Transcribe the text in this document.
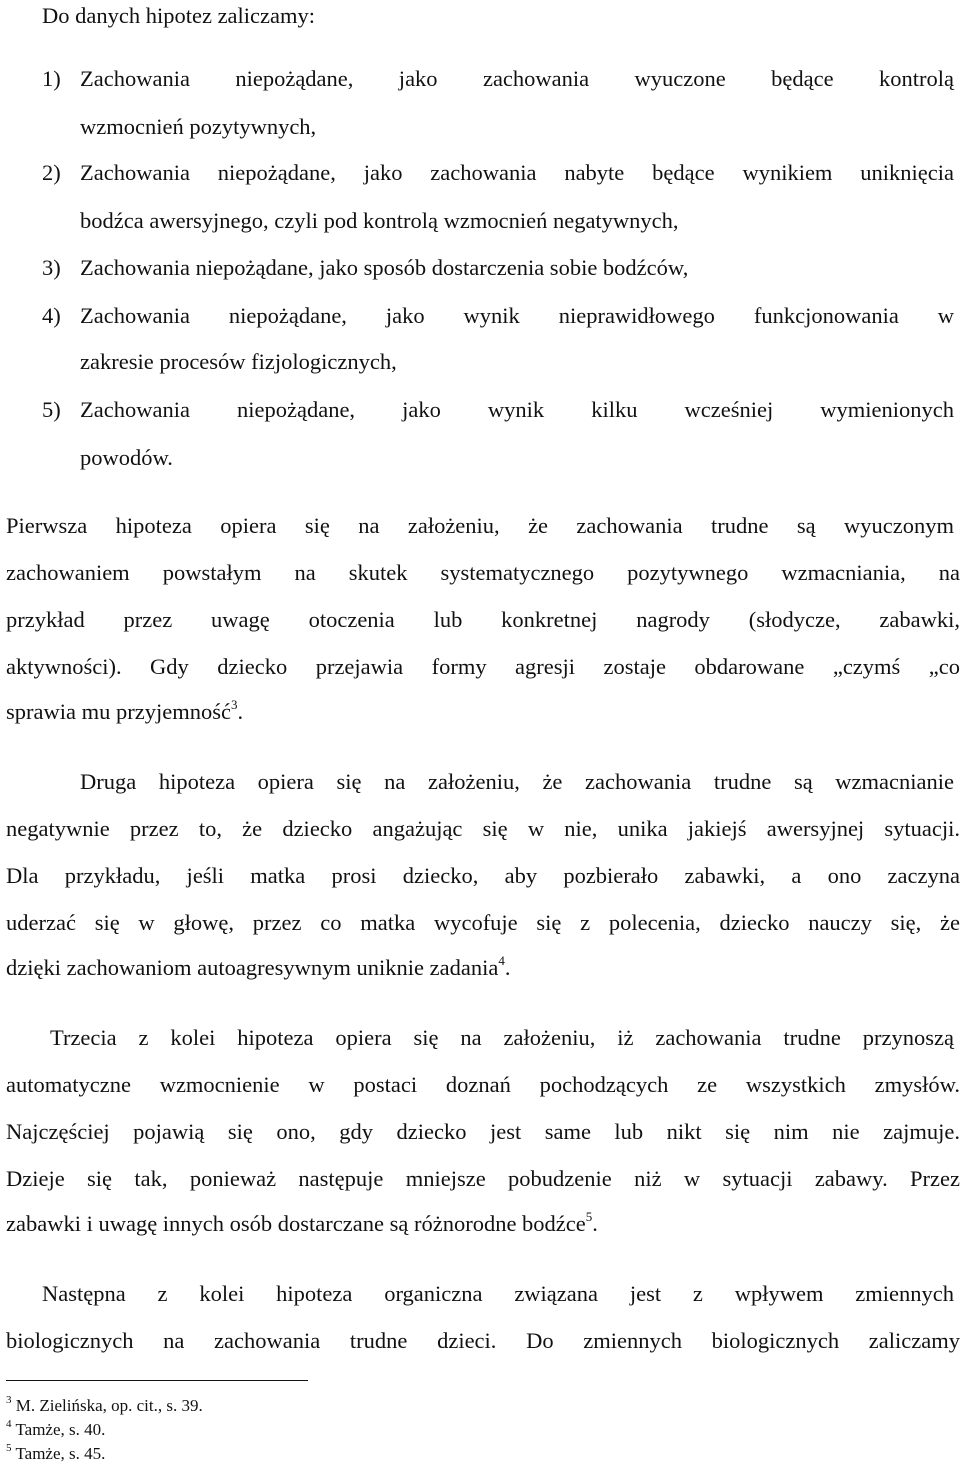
Do danych hipotez zaliczamy:
1) Zachowania niepożądane, jako zachowania wyuczone będące kontrolą
wzmocnień pozytywnych,
2) Zachowania niepożądane, jako zachowania nabyte będące wynikiem uniknięcia
bodźca awersyjnego, czyli pod kontrolą wzmocnień negatywnych,
3) Zachowania niepożądane, jako sposób dostarczenia sobie bodźców,
4) Zachowania niepożądane, jako wynik nieprawidłowego funkcjonowania w
zakresie procesów fizjologicznych,
5) Zachowania niepożądane, jako wynik kilku wcześniej wymienionych
powodów.
Pierwsza hipoteza opiera się na założeniu, że zachowania trudne są wyuczonym
zachowaniem powstałym na skutek systematycznego pozytywnego wzmacniania, na
przykład przez uwagę otoczenia lub konkretnej nagrody (słodycze, zabawki,
aktywności). Gdy dziecko przejawia formy agresji zostaje obdarowane „czymś „co
sprawia mu przyjemność$^3$.
Druga hipoteza opiera się na założeniu, że zachowania trudne są wzmacnianie
negatywnie przez to, że dziecko angażując się w nie, unika jakiejś awersyjnej sytuacji.
Dla przykładu, jeśli matka prosi dziecko, aby pozbierało zabawki, a ono zaczyna
uderzać się w głowę, przez co matka wycofuje się z polecenia, dziecko nauczy się, że
dzięki zachowaniom autoagresywnym uniknie zadania$^4$.
Trzecia z kolei hipoteza opiera się na założeniu, iż zachowania trudne przynoszą
automatyczne wzmocnienie w postaci doznań pochodzących ze wszystkich zmysłów.
Najczęściej pojawią się ono, gdy dziecko jest same lub nikt się nim nie zajmuje.
Dzieje się tak, ponieważ następuje mniejsze pobudzenie niż w sytuacji zabawy. Przez
zabawki i uwagę innych osób dostarczane są różnorodne bodźce$^5$.
Następna z kolei hipoteza organiczna związana jest z wpływem zmiennych
biologicznych na zachowania trudne dzieci. Do zmiennych biologicznych zaliczamy
$^3$ M. Zielińska, op. cit., s. 39.
$^4$ Tamże, s. 40.
$^5$ Tamże, s. 45.
